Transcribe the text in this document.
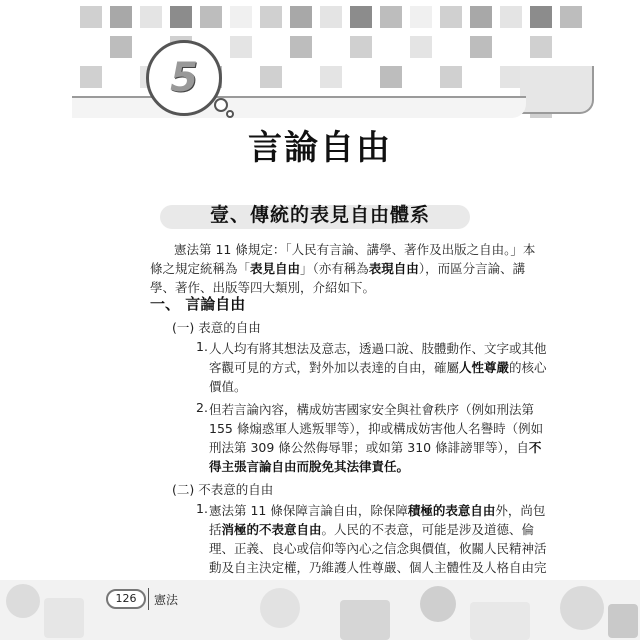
5
言論自由
壹、傳統的表見自由體系
憲法第 11 條規定：「人民有言論、講學、著作及出版之自由。」本
條之規定統稱為「表見自由」（亦有稱為表現自由），而區分言論、講
學、著作、出版等四大類別，介紹如下。
一、 言論自由
(一) 表意的自由
1. 人人均有將其想法及意志，透過口說、肢體動作、文字或其他
客觀可見的方式，對外加以表達的自由，確屬人性尊嚴的核心
價值。
2. 但若言論內容，構成妨害國家安全與社會秩序（例如刑法第
155 條煽惑軍人逃叛罪等），抑或構成妨害他人名譽時（例如
刑法第 309 條公然侮辱罪；或如第 310 條誹謗罪等），自不
得主張言論自由而脫免其法律責任。
(二) 不表意的自由
1. 憲法第 11 條保障言論自由，除保障積極的表意自由外，尚包
括消極的不表意自由。人民的不表意，可能是涉及道德、倫
理、正義、良心或信仰等內心之信念與價值，攸關人民精神活
動及自主決定權，乃維護人性尊嚴、個人主體性及人格自由完
126	憲法
